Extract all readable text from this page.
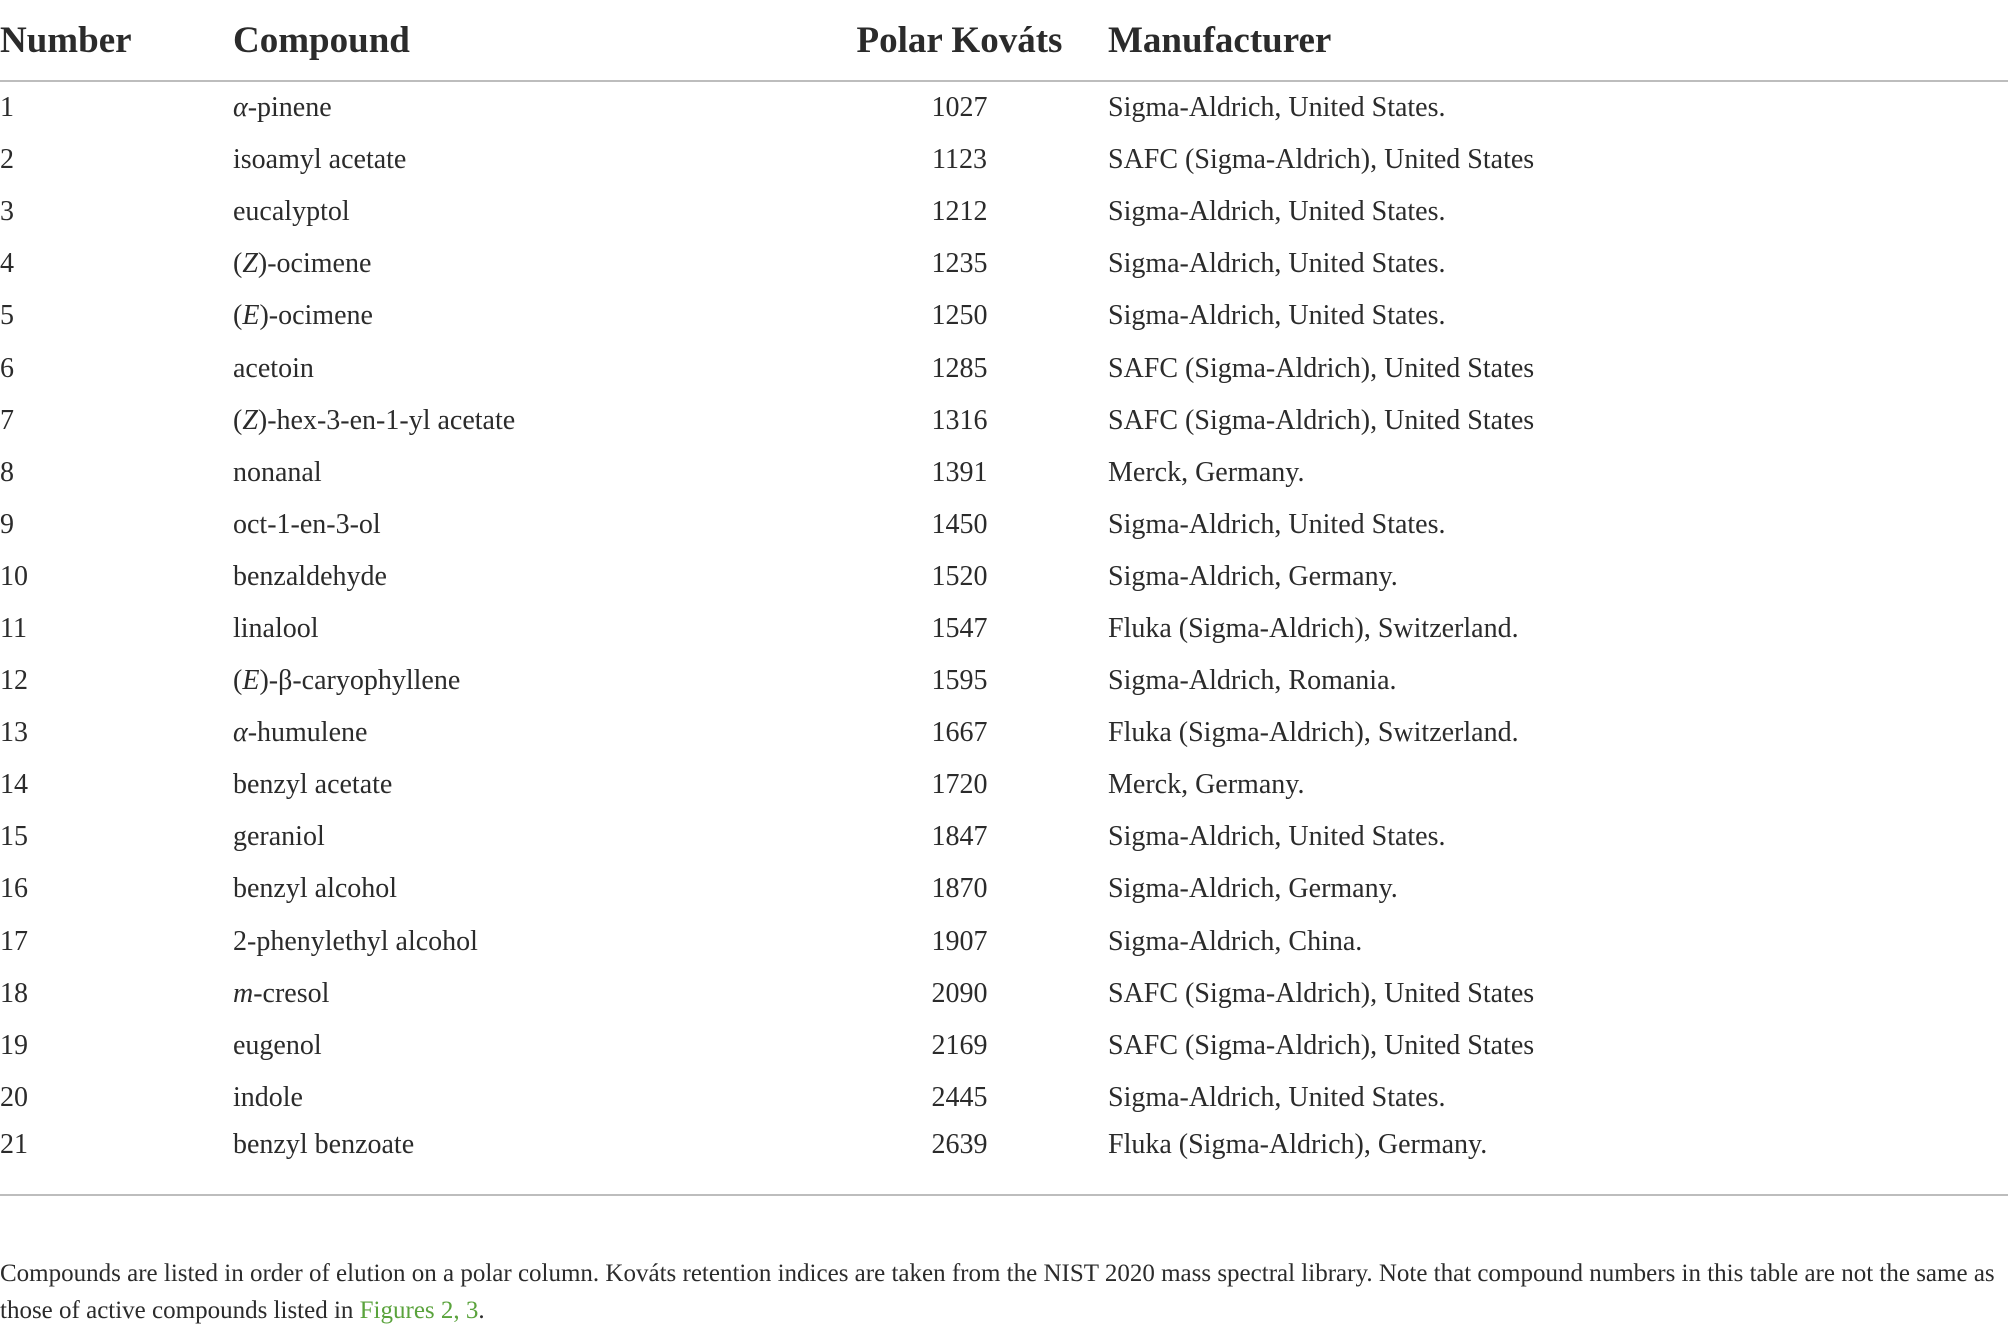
Number	Compound	Polar Kováts	Manufacturer
1	α-pinene	1027	Sigma-Aldrich, United States.
2	isoamyl acetate	1123	SAFC (Sigma-Aldrich), United States
3	eucalyptol	1212	Sigma-Aldrich, United States.
4	(Z)-ocimene	1235	Sigma-Aldrich, United States.
5	(E)-ocimene	1250	Sigma-Aldrich, United States.
6	acetoin	1285	SAFC (Sigma-Aldrich), United States
7	(Z)-hex-3-en-1-yl acetate	1316	SAFC (Sigma-Aldrich), United States
8	nonanal	1391	Merck, Germany.
9	oct-1-en-3-ol	1450	Sigma-Aldrich, United States.
10	benzaldehyde	1520	Sigma-Aldrich, Germany.
11	linalool	1547	Fluka (Sigma-Aldrich), Switzerland.
12	(E)-β-caryophyllene	1595	Sigma-Aldrich, Romania.
13	α-humulene	1667	Fluka (Sigma-Aldrich), Switzerland.
14	benzyl acetate	1720	Merck, Germany.
15	geraniol	1847	Sigma-Aldrich, United States.
16	benzyl alcohol	1870	Sigma-Aldrich, Germany.
17	2-phenylethyl alcohol	1907	Sigma-Aldrich, China.
18	m-cresol	2090	SAFC (Sigma-Aldrich), United States
19	eugenol	2169	SAFC (Sigma-Aldrich), United States
20	indole	2445	Sigma-Aldrich, United States.
21	benzyl benzoate	2639	Fluka (Sigma-Aldrich), Germany.
Compounds are listed in order of elution on a polar column. Kováts retention indices are taken from the NIST 2020 mass spectral library. Note that compound numbers in this table are not the same as those of active compounds listed in Figures 2, 3.
